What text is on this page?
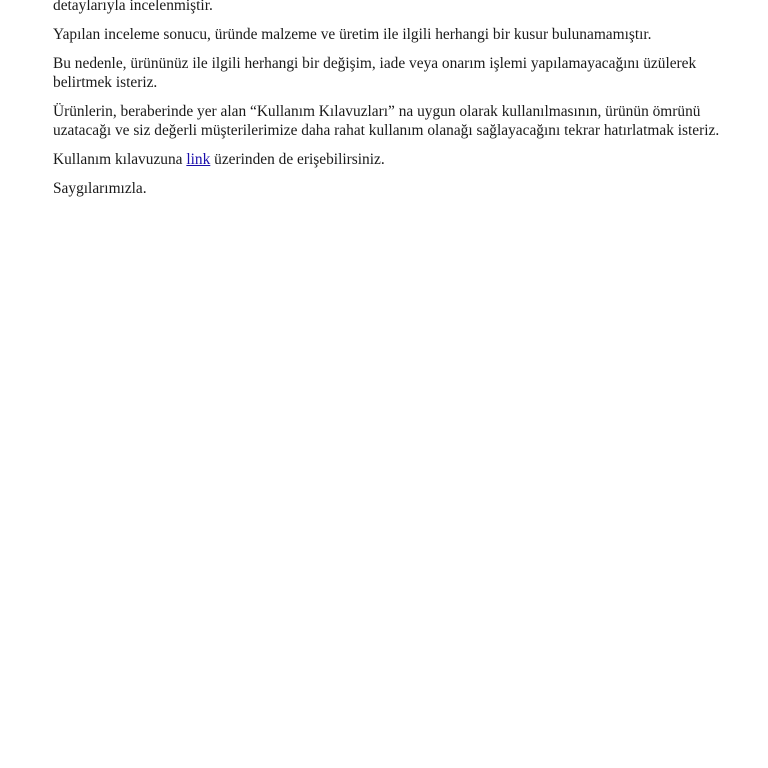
detaylarıyla incelenmiştir.

Yapılan inceleme sonucu, üründe malzeme ve üretim ile ilgili herhangi bir kusur bulunamamıştır.

Bu nedenle, ürününüz ile ilgili herhangi bir değişim, iade veya onarım işlemi yapılamayacağını üzülerek belirtmek isteriz.

Ürünlerin, beraberinde yer alan “Kullanım Kılavuzları” na uygun olarak kullanılmasının, ürünün ömrünü uzatacağı ve siz değerli müşterilerimize daha rahat kullanım olanağı sağlayacağını tekrar hatırlatmak isteriz.

Kullanım kılavuzuna link üzerinden de erişebilirsiniz.

Saygılarımızla.
